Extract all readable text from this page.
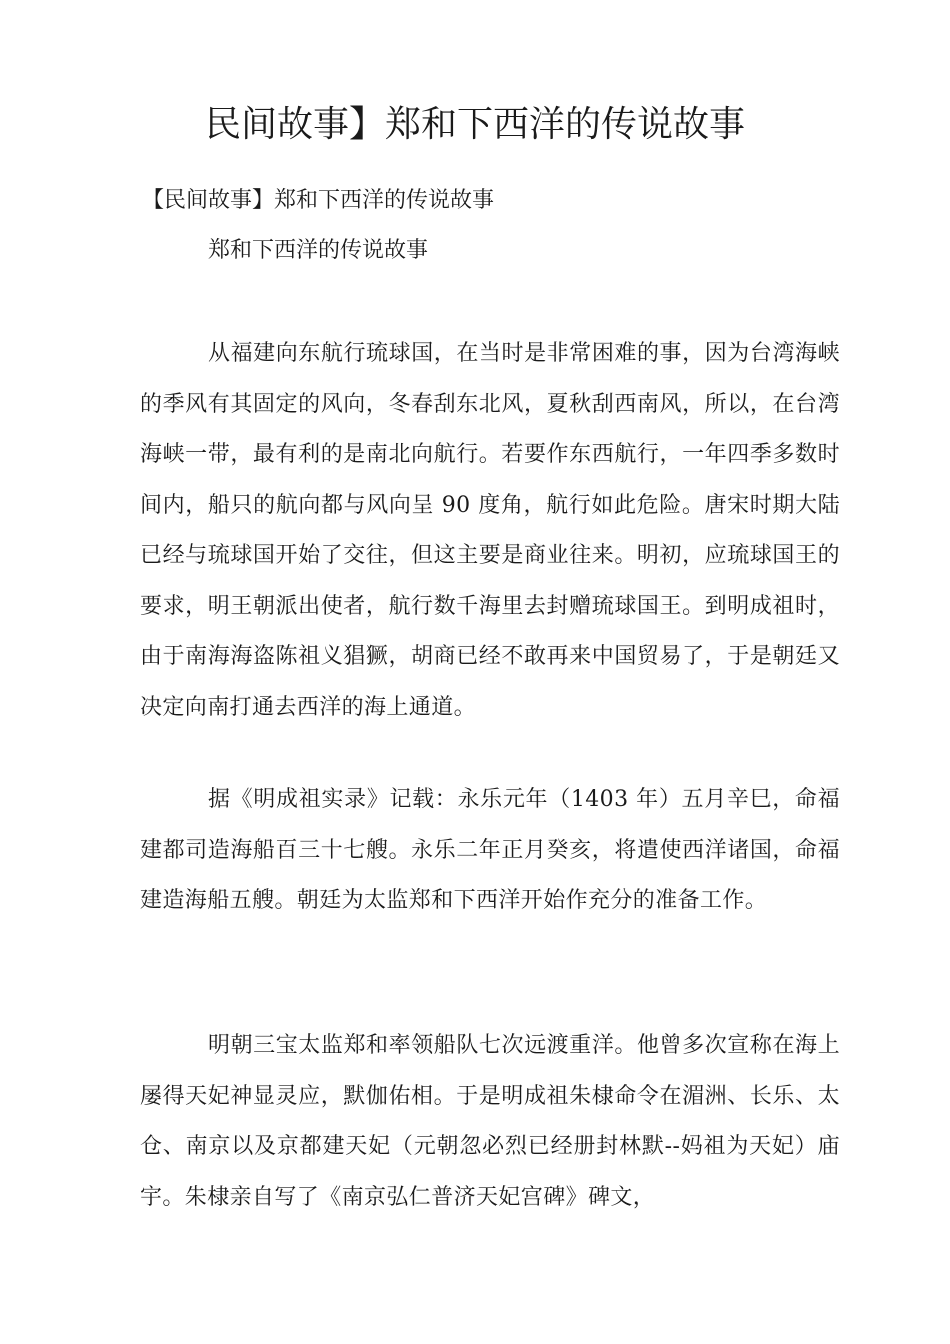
民间故事】郑和下西洋的传说故事

【民间故事】郑和下西洋的传说故事

郑和下西洋的传说故事

从福建向东航行琉球国，在当时是非常困难的事，因为台湾海峡的季风有其固定的风向，冬春刮东北风，夏秋刮西南风，所以，在台湾海峡一带，最有利的是南北向航行。若要作东西航行，一年四季多数时间内，船只的航向都与风向呈 90 度角，航行如此危险。唐宋时期大陆已经与琉球国开始了交往，但这主要是商业往来。明初，应琉球国王的要求，明王朝派出使者，航行数千海里去封赠琉球国王。到明成祖时，由于南海海盗陈祖义猖獗，胡商已经不敢再来中国贸易了，于是朝廷又决定向南打通去西洋的海上通道。

据《明成祖实录》记载：永乐元年（1403 年）五月辛巳，命福建都司造海船百三十七艘。永乐二年正月癸亥，将遣使西洋诸国，命福建造海船五艘。朝廷为太监郑和下西洋开始作充分的准备工作。

明朝三宝太监郑和率领船队七次远渡重洋。他曾多次宣称在海上屡得天妃神显灵应，默伽佑相。于是明成祖朱棣命令在湄洲、长乐、太仓、南京以及京都建天妃（元朝忽必烈已经册封林默--妈祖为天妃）庙宇。朱棣亲自写了《南京弘仁普济天妃宫碑》碑文，
